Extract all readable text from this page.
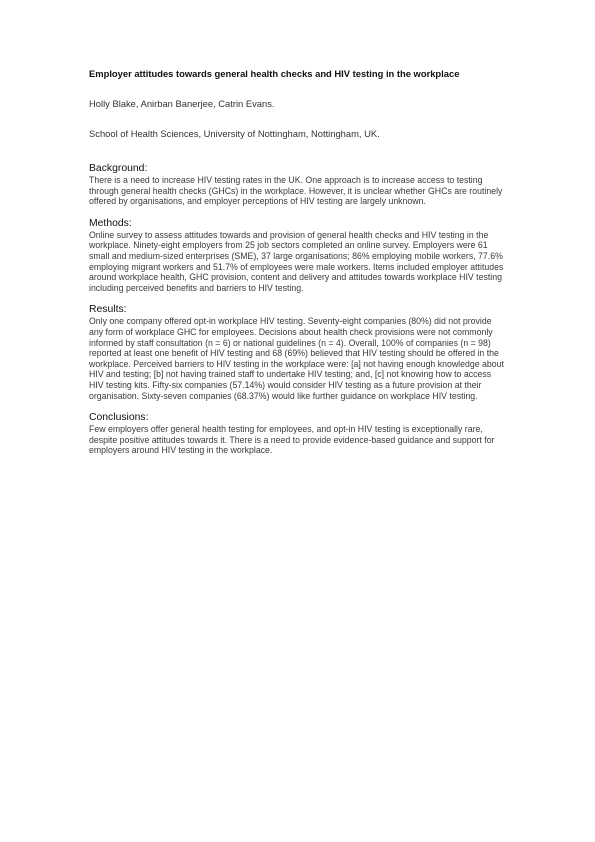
Employer attitudes towards general health checks and HIV testing in the workplace
Holly Blake, Anirban Banerjee, Catrin Evans.
School of Health Sciences, University of Nottingham, Nottingham, UK.
Background:

There is a need to increase HIV testing rates in the UK. One approach is to increase access to testing through general health checks (GHCs) in the workplace. However, it is unclear whether GHCs are routinely offered by organisations, and employer perceptions of HIV testing are largely unknown.

Methods:

Online survey to assess attitudes towards and provision of general health checks and HIV testing in the workplace. Ninety-eight employers from 25 job sectors completed an online survey. Employers were 61 small and medium-sized enterprises (SME), 37 large organisations; 86% employing mobile workers, 77.6% employing migrant workers and 51.7% of employees were male workers. Items included employer attitudes around workplace health, GHC provision, content and delivery and attitudes towards workplace HIV testing including perceived benefits and barriers to HIV testing.

Results:

Only one company offered opt-in workplace HIV testing. Seventy-eight companies (80%) did not provide any form of workplace GHC for employees. Decisions about health check provisions were not commonly informed by staff consultation (n = 6) or national guidelines (n = 4). Overall, 100% of companies (n = 98) reported at least one benefit of HIV testing and 68 (69%) believed that HIV testing should be offered in the workplace. Perceived barriers to HIV testing in the workplace were: [a] not having enough knowledge about HIV and testing; [b] not having trained staff to undertake HIV testing; and, [c] not knowing how to access HIV testing kits. Fifty-six companies (57.14%) would consider HIV testing as a future provision at their organisation. Sixty-seven companies (68.37%) would like further guidance on workplace HIV testing.

Conclusions:

Few employers offer general health testing for employees, and opt-in HIV testing is exceptionally rare, despite positive attitudes towards it. There is a need to provide evidence-based guidance and support for employers around HIV testing in the workplace.
